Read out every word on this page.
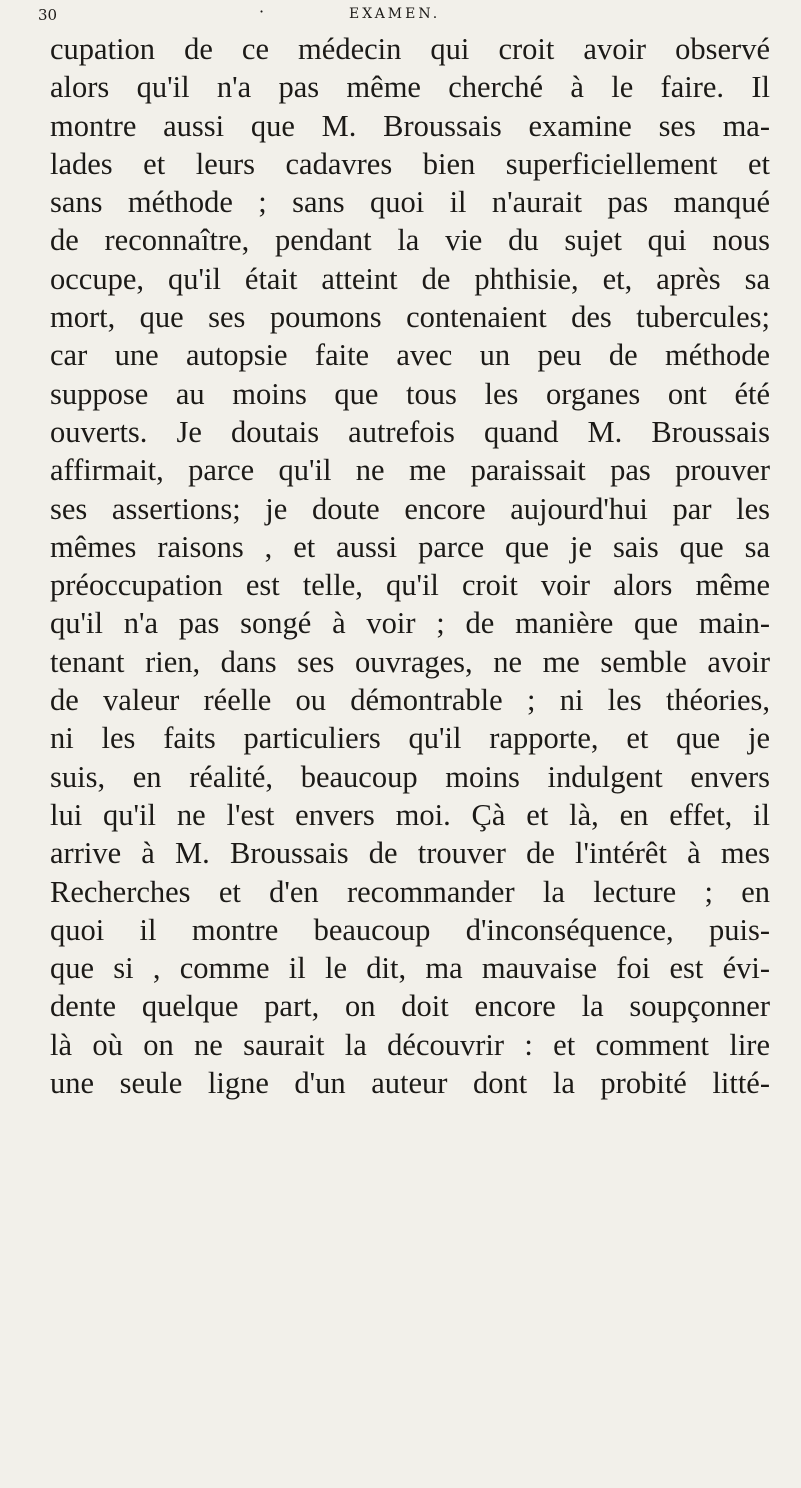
30	·	EXAMEN.
cupation de ce médecin qui croit avoir observé
alors qu'il n'a pas même cherché à le faire. Il
montre aussi que M. Broussais examine ses ma-
lades et leurs cadavres bien superficiellement et
sans méthode ; sans quoi il n'aurait pas manqué
de reconnaître, pendant la vie du sujet qui nous
occupe, qu'il était atteint de phthisie, et, après sa
mort, que ses poumons contenaient des tubercules;
car une autopsie faite avec un peu de méthode
suppose au moins que tous les organes ont été
ouverts. Je doutais autrefois quand M. Broussais
affirmait, parce qu'il ne me paraissait pas prouver
ses assertions; je doute encore aujourd'hui par les
mêmes raisons , et aussi parce que je sais que sa
préoccupation est telle, qu'il croit voir alors même
qu'il n'a pas songé à voir ; de manière que main-
tenant rien, dans ses ouvrages, ne me semble avoir
de valeur réelle ou démontrable ; ni les théories,
ni les faits particuliers qu'il rapporte, et que je
suis, en réalité, beaucoup moins indulgent envers
lui qu'il ne l'est envers moi. Çà et là, en effet, il
arrive à M. Broussais de trouver de l'intérêt à mes
Recherches et d'en recommander la lecture ; en
quoi il montre beaucoup d'inconséquence, puis-
que si , comme il le dit, ma mauvaise foi est évi-
dente quelque part, on doit encore la soupçonner
là où on ne saurait la découvrir : et comment lire
une seule ligne d'un auteur dont la probité litté-
